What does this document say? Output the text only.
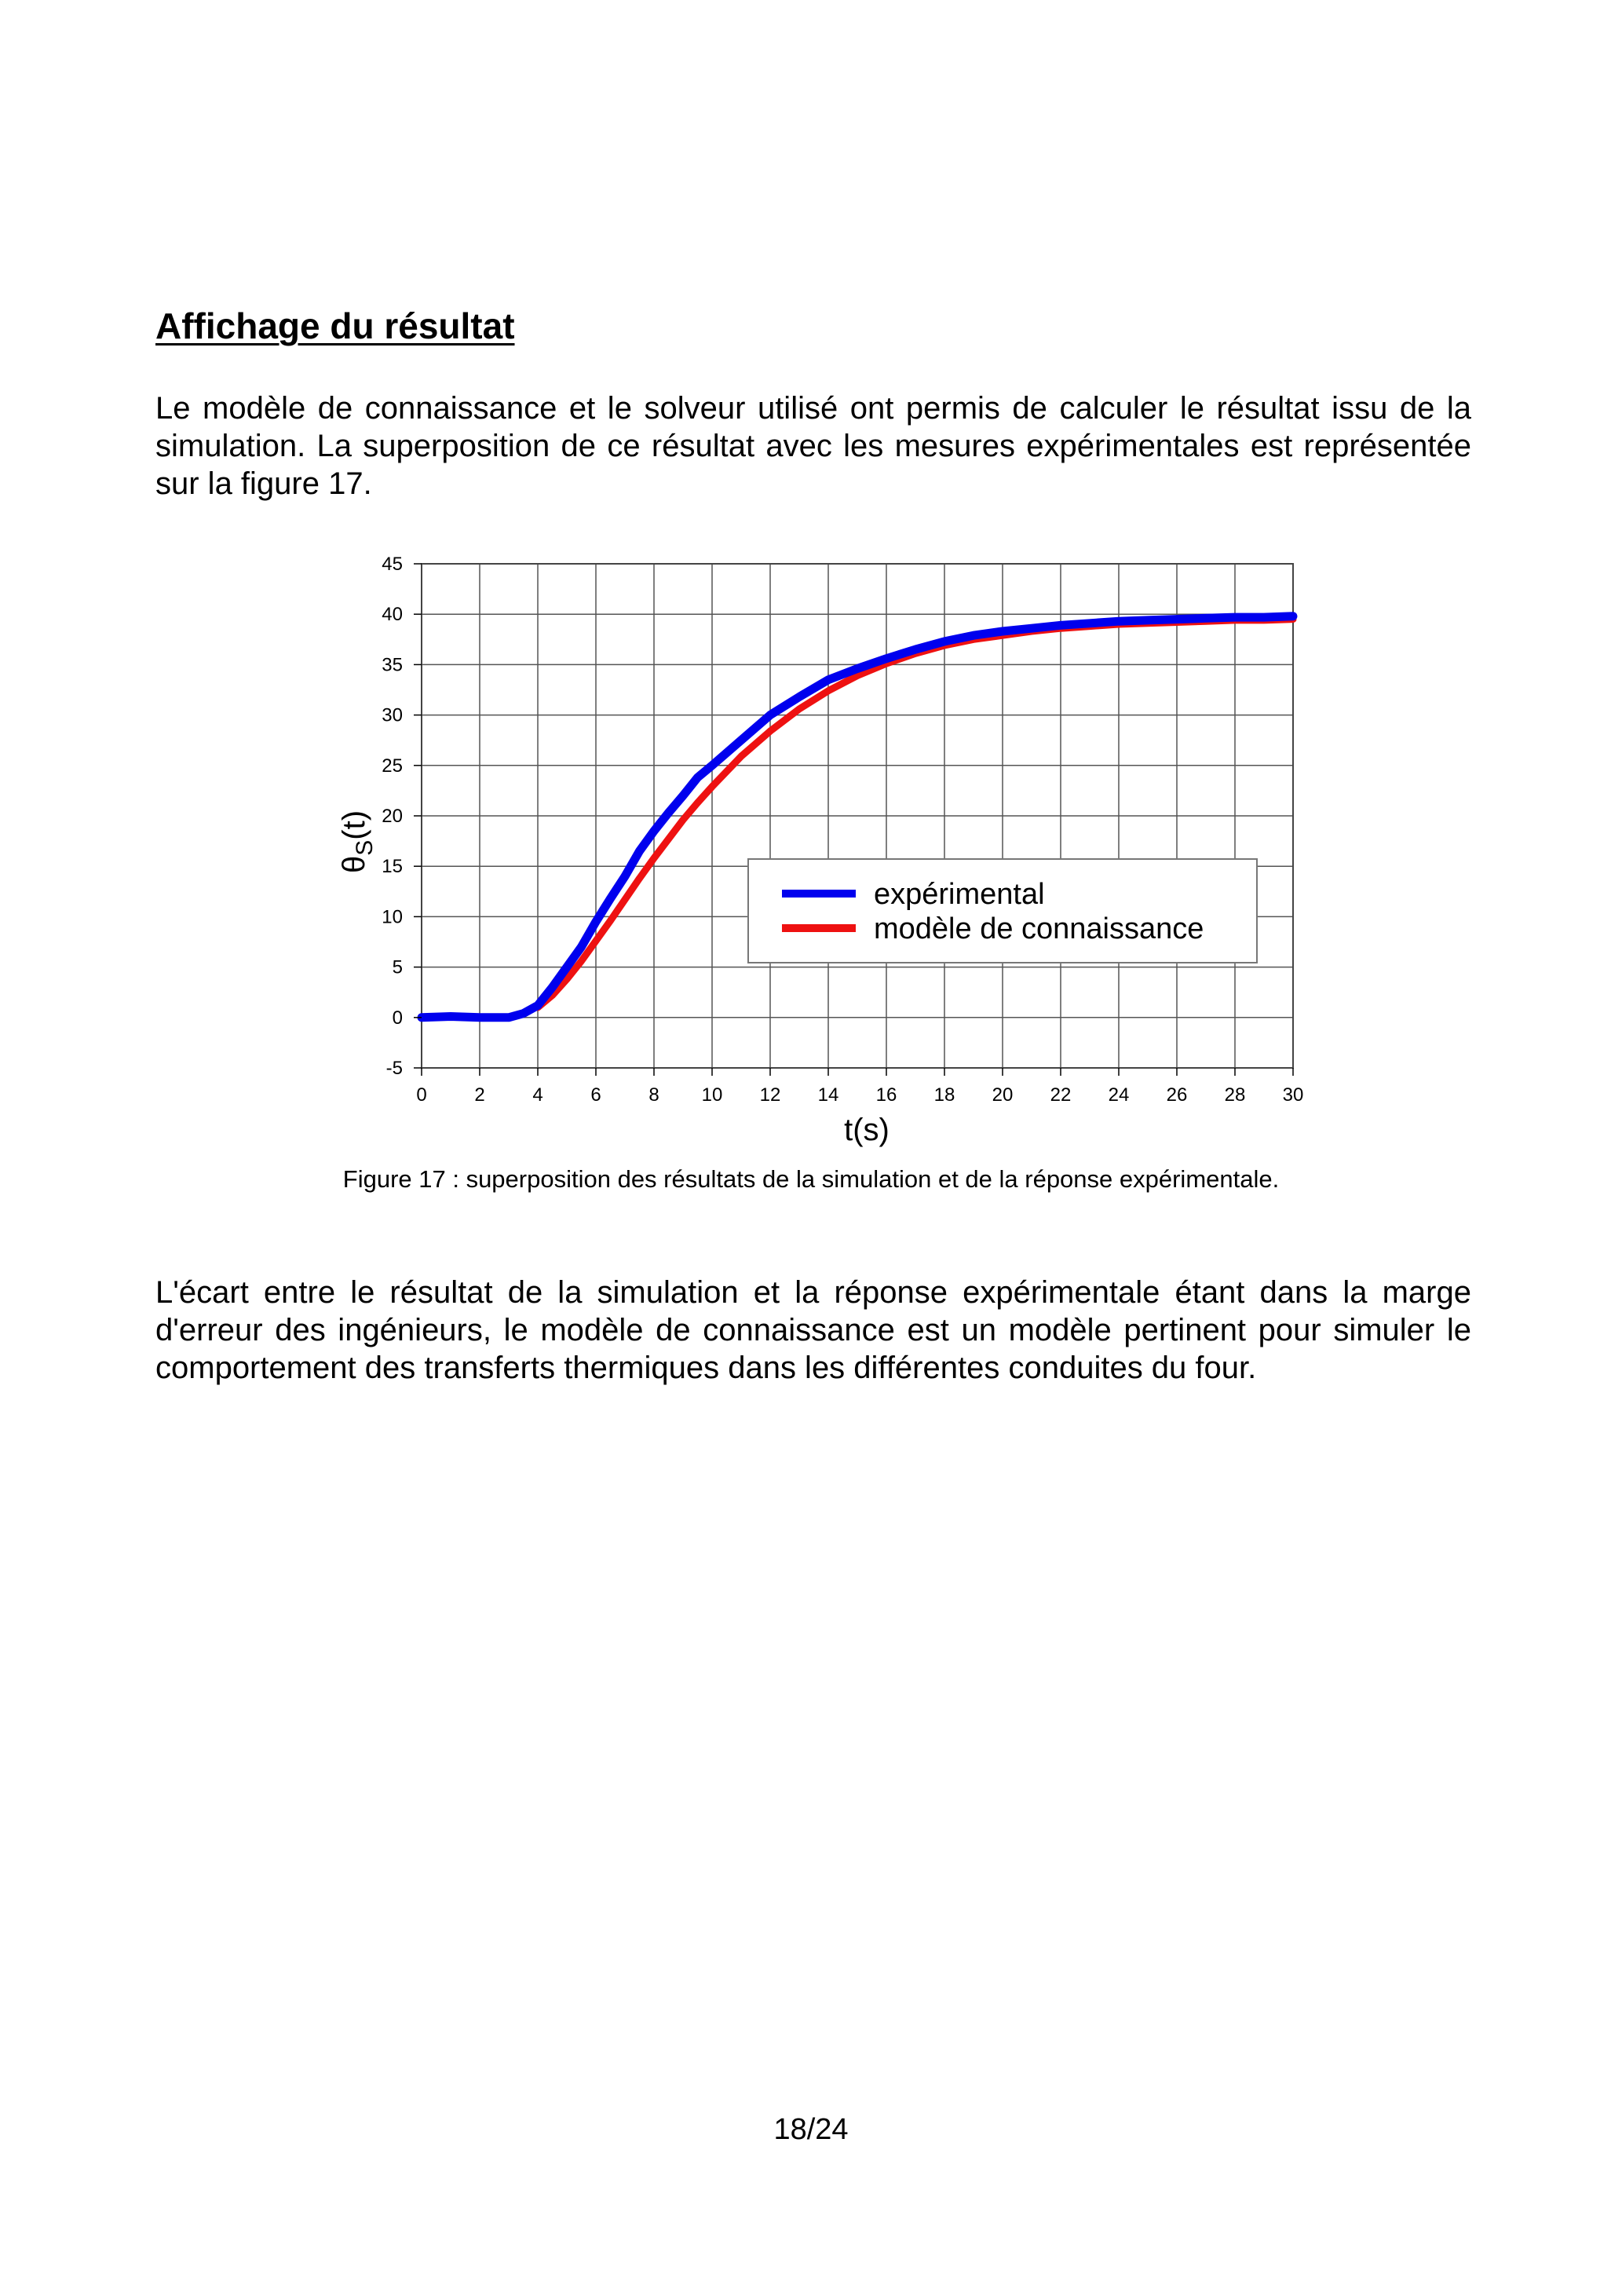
Affichage du résultat

Le modèle de connaissance et le solveur utilisé ont permis de calculer le résultat issu de la simulation. La superposition de ce résultat avec les mesures expérimentales est représentée sur la figure 17.

0	2	4	6	8 10 12 14 16 18 20 22 24 26 28 30
-5
0
5
10
15
20
25
30
35
40
45
expérimental
modèle de connaissance
t(s)
$\theta_S(t)$
Figure 17 : superposition des résultats de la simulation et de la réponse expérimentale.

L'écart entre le résultat de la simulation et la réponse expérimentale étant dans la marge d'erreur des ingénieurs, le modèle de connaissance est un modèle pertinent pour simuler le comportement des transferts thermiques dans les différentes conduites du four.

18/24
